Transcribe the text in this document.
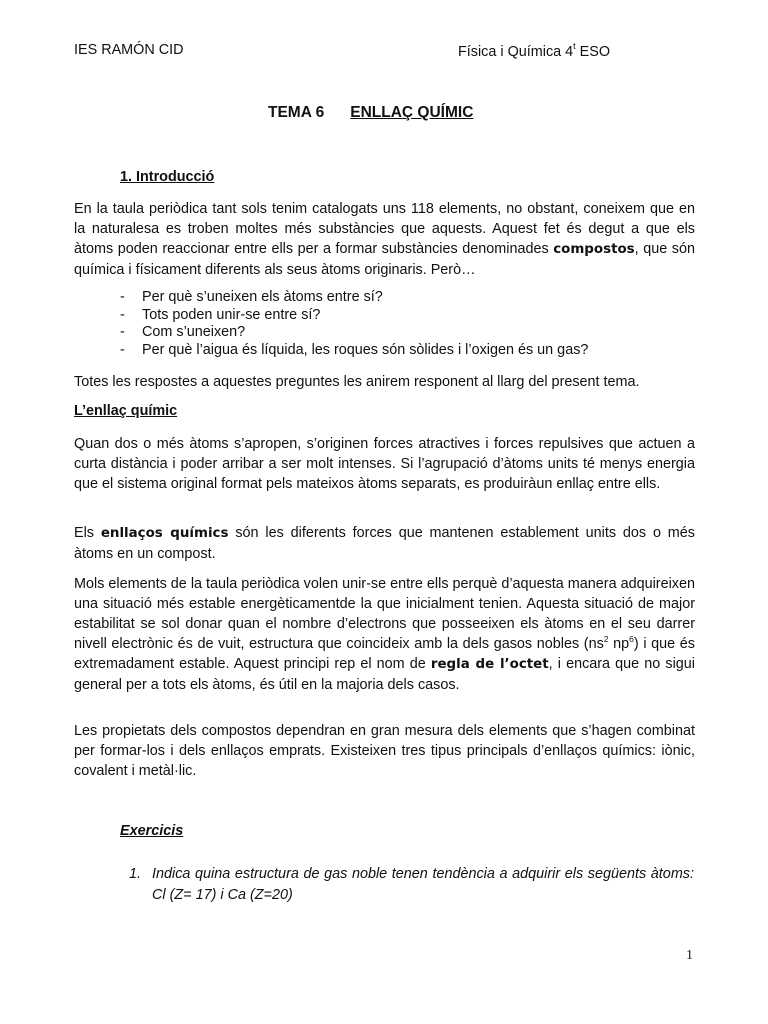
IES RAMÓN CID	Física i Química 4$^t$ ESO
TEMA 6 ENLLAÇ QUÍMIC
1. Introducció
En la taula periòdica tant sols tenim catalogats uns 118 elements, no obstant, coneixem que en la naturalesa es troben moltes més substàncies que aquests. Aquest fet és degut a que els àtoms poden reaccionar entre ells per a formar substàncies denominades compostos, que són química i físicament diferents als seus àtoms originaris. Però…
- Per què s’uneixen els àtoms entre sí?
- Tots poden unir-se entre sí?
- Com s’uneixen?
- Per què l’aigua és líquida, les roques són sòlides i l’oxigen és un gas?
Totes les respostes a aquestes preguntes les anirem responent al llarg del present tema.
L’enllaç químic
Quan dos o més àtoms s’apropen, s’originen forces atractives i forces repulsives que actuen a curta distància i poder arribar a ser molt intenses. Si l’agrupació d’àtoms units té menys energia que el sistema original format pels mateixos àtoms separats, es produiràun enllaç entre ells.
Els enllaços químics són les diferents forces que mantenen establement units dos o més àtoms en un compost.
Mols elements de la taula periòdica volen unir-se entre ells perquè d’aquesta manera adquireixen una situació més estable energèticamentde la que inicialment tenien. Aquesta situació de major estabilitat se sol donar quan el nombre d’electrons que posseeixen els àtoms en el seu darrer nivell electrònic és de vuit, estructura que coincideix amb la dels gasos nobles ($ns^2$ $np^6$) i que és extremadament estable. Aquest principi rep el nom de regla de l’octet, i encara que no sigui general per a tots els àtoms, és útil en la majoria dels casos.
Les propietats dels compostos dependran en gran mesura dels elements que s’hagen combinat per formar-los i dels enllaços emprats. Existeixen tres tipus principals d’enllaços químics: iònic, covalent i metàl·lic.
Exercicis
1. Indica quina estructura de gas noble tenen tendència a adquirir els següents àtoms: Cl (Z= 17) i Ca (Z=20)
1
